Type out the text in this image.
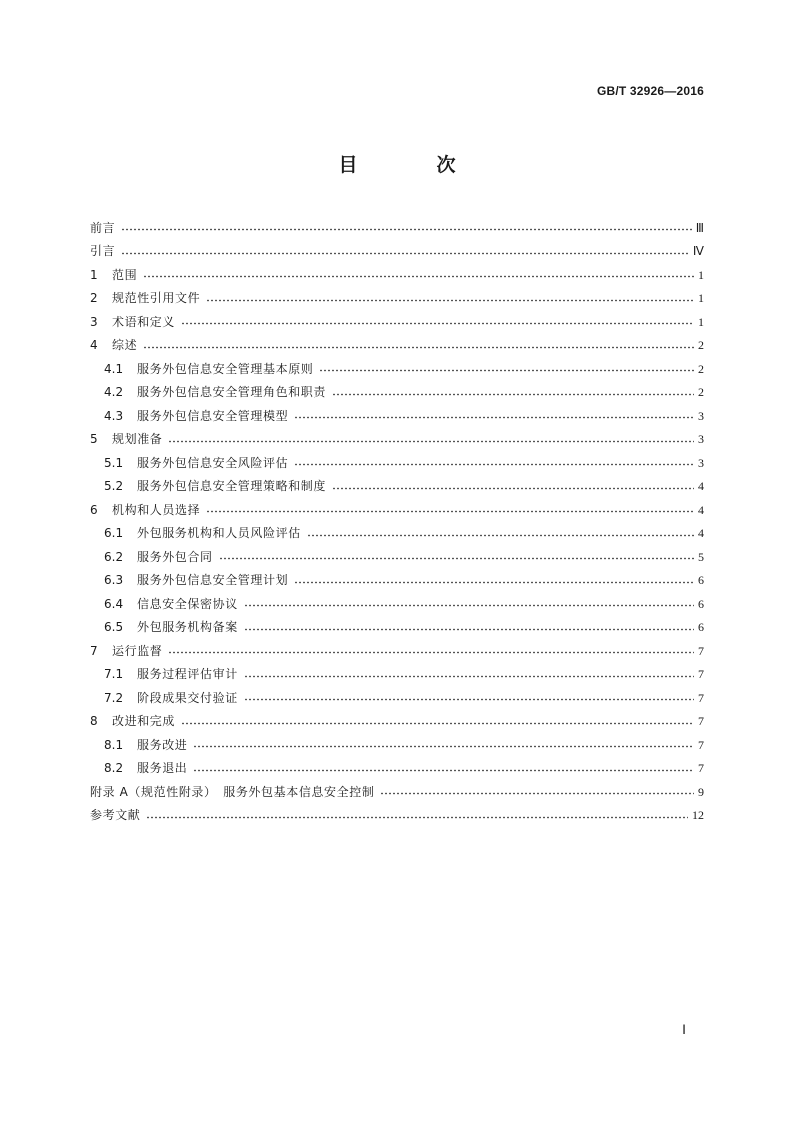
GB/T 32926—2016
目　次
前言	Ⅲ
引言	Ⅳ
1	范围	1
2	规范性引用文件	1
3	术语和定义	1
4	综述	2
4.1	服务外包信息安全管理基本原则	2
4.2	服务外包信息安全管理角色和职责	2
4.3	服务外包信息安全管理模型	3
5	规划准备	3
5.1	服务外包信息安全风险评估	3
5.2	服务外包信息安全管理策略和制度	4
6	机构和人员选择	4
6.1	外包服务机构和人员风险评估	4
6.2	服务外包合同	5
6.3	服务外包信息安全管理计划	6
6.4	信息安全保密协议	6
6.5	外包服务机构备案	6
7	运行监督	7
7.1	服务过程评估审计	7
7.2	阶段成果交付验证	7
8	改进和完成	7
8.1	服务改进	7
8.2	服务退出	7
附录 A（规范性附录）　服务外包基本信息安全控制	9
参考文献	12
Ⅰ
